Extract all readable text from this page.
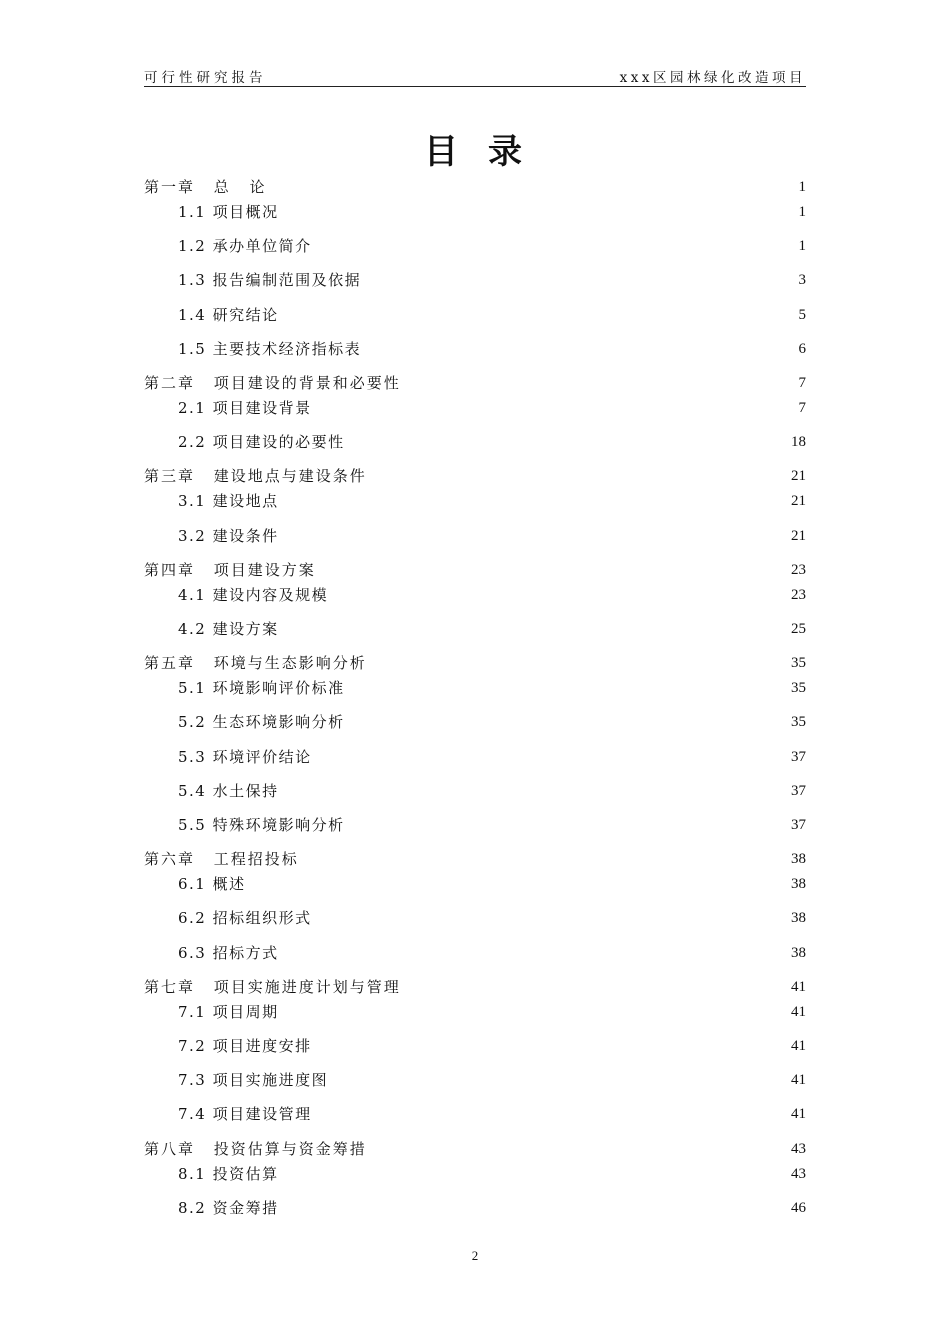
可行性研究报告	xxx区园林绿化改造项目
目录
第一章 总 论	1
1.1 项目概况	1
1.2 承办单位简介	1
1.3 报告编制范围及依据	3
1.4 研究结论	5
1.5 主要技术经济指标表	6
第二章 项目建设的背景和必要性	7
2.1 项目建设背景	7
2.2 项目建设的必要性	18
第三章 建设地点与建设条件	21
3.1 建设地点	21
3.2 建设条件	21
第四章 项目建设方案	23
4.1 建设内容及规模	23
4.2 建设方案	25
第五章 环境与生态影响分析	35
5.1 环境影响评价标准	35
5.2 生态环境影响分析	35
5.3 环境评价结论	37
5.4 水土保持	37
5.5 特殊环境影响分析	37
第六章 工程招投标	38
6.1 概述	38
6.2 招标组织形式	38
6.3 招标方式	38
第七章 项目实施进度计划与管理	41
7.1 项目周期	41
7.2 项目进度安排	41
7.3 项目实施进度图	41
7.4 项目建设管理	41
第八章 投资估算与资金筹措	43
8.1 投资估算	43
8.2 资金筹措	46
2
